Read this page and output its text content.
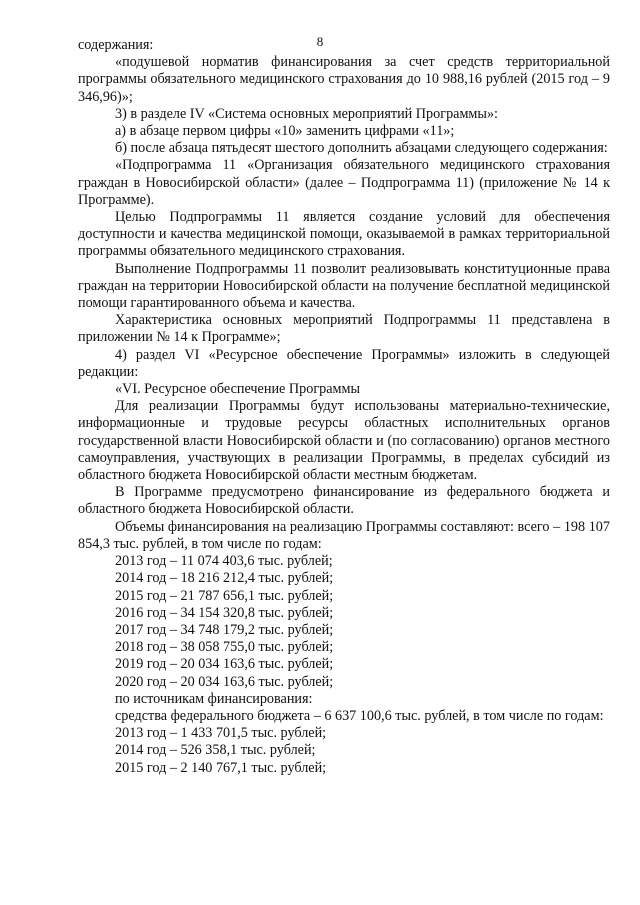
8

содержания:

«подушевой норматив финансирования за счет средств территориальной программы обязательного медицинского страхования до 10 988,16 рублей (2015 год – 9 346,96)»;

3) в разделе IV «Система основных мероприятий Программы»:

а) в абзаце первом цифры «10» заменить цифрами «11»;

б) после абзаца пятьдесят шестого дополнить абзацами следующего содержания:

«Подпрограмма 11 «Организация обязательного медицинского страхования граждан в Новосибирской области» (далее – Подпрограмма 11) (приложение № 14 к Программе).

Целью Подпрограммы 11 является создание условий для обеспечения доступности и качества медицинской помощи, оказываемой в рамках территориальной программы обязательного медицинского страхования.

Выполнение Подпрограммы 11 позволит реализовывать конституционные права граждан на территории Новосибирской области на получение бесплатной медицинской помощи гарантированного объема и качества.

Характеристика основных мероприятий Подпрограммы 11 представлена в приложении № 14 к Программе»;

4) раздел VI «Ресурсное обеспечение Программы» изложить в следующей редакции:

«VI. Ресурсное обеспечение Программы

Для реализации Программы будут использованы материально-технические, информационные и трудовые ресурсы областных исполнительных органов государственной власти Новосибирской области и (по согласованию) органов местного самоуправления, участвующих в реализации Программы, в пределах субсидий из областного бюджета Новосибирской области местным бюджетам.

В Программе предусмотрено финансирование из федерального бюджета и областного бюджета Новосибирской области.

Объемы финансирования на реализацию Программы составляют: всего – 198 107 854,3 тыс. рублей, в том числе по годам:

2013 год – 11 074 403,6 тыс. рублей;

2014 год – 18 216 212,4 тыс. рублей;

2015 год – 21 787 656,1 тыс. рублей;

2016 год – 34 154 320,8 тыс. рублей;

2017 год – 34 748 179,2 тыс. рублей;

2018 год – 38 058 755,0 тыс. рублей;

2019 год – 20 034 163,6 тыс. рублей;

2020 год – 20 034 163,6 тыс. рублей;

по источникам финансирования:

средства федерального бюджета – 6 637 100,6 тыс. рублей, в том числе по годам:

2013 год – 1 433 701,5 тыс. рублей;

2014 год – 526 358,1 тыс. рублей;

2015 год – 2 140 767,1 тыс. рублей;
